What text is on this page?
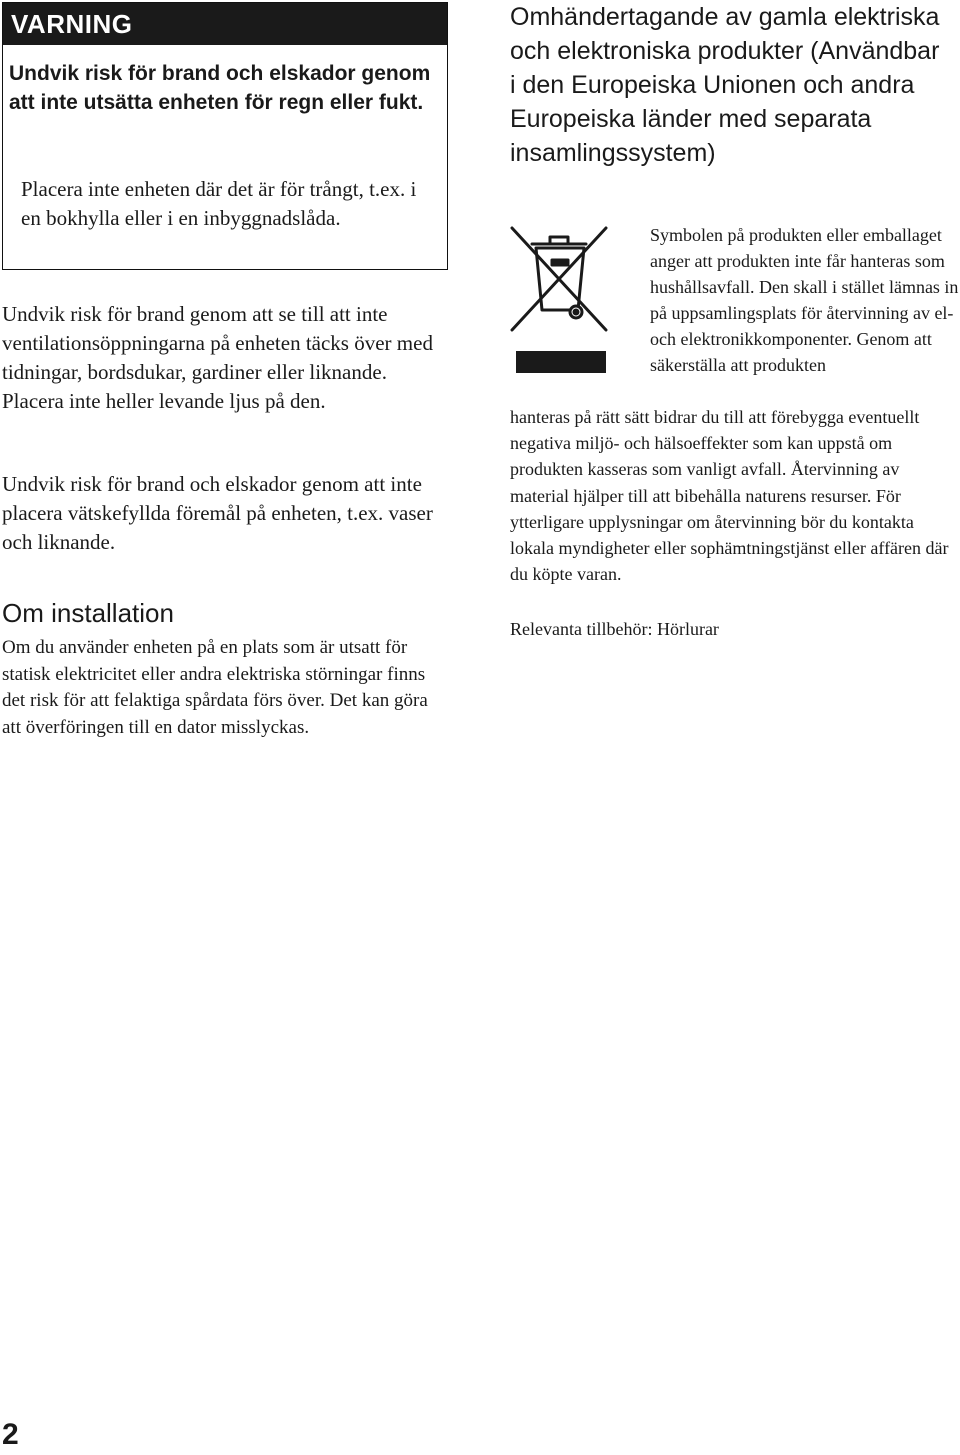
VARNING

Undvik risk för brand och elskador genom att inte utsätta enheten för regn eller fukt.

Placera inte enheten där det är för trångt, t.ex. i en bokhylla eller i en inbyggnadslåda.

Undvik risk för brand genom att se till att inte ventilationsöppningarna på enheten täcks över med tidningar, bordsdukar, gardiner eller liknande. Placera inte heller levande ljus på den.

Undvik risk för brand och elskador genom att inte placera vätskefyllda föremål på enheten, t.ex. vaser och liknande.

Om installation

Om du använder enheten på en plats som är utsatt för statisk elektricitet eller andra elektriska störningar finns det risk för att felaktiga spårdata förs över. Det kan göra att överföringen till en dator misslyckas.

Omhändertagande av gamla elektriska och elektroniska produkter (Användbar i den Europeiska Unionen och andra Europeiska länder med separata insamlingssystem)

Symbolen på produkten eller emballaget anger att produkten inte får hanteras som hushållsavfall. Den skall i stället lämnas in på uppsamlingsplats för återvinning av el- och elektronikkomponenter. Genom att säkerställa att produkten

hanteras på rätt sätt bidrar du till att förebygga eventuellt negativa miljö- och hälsoeffekter som kan uppstå om produkten kasseras som vanligt avfall. Återvinning av material hjälper till att bibehålla naturens resurser. För ytterligare upplysningar om återvinning bör du kontakta lokala myndigheter eller sophämtningstjänst eller affären där du köpte varan.

Relevanta tillbehör: Hörlurar

2
